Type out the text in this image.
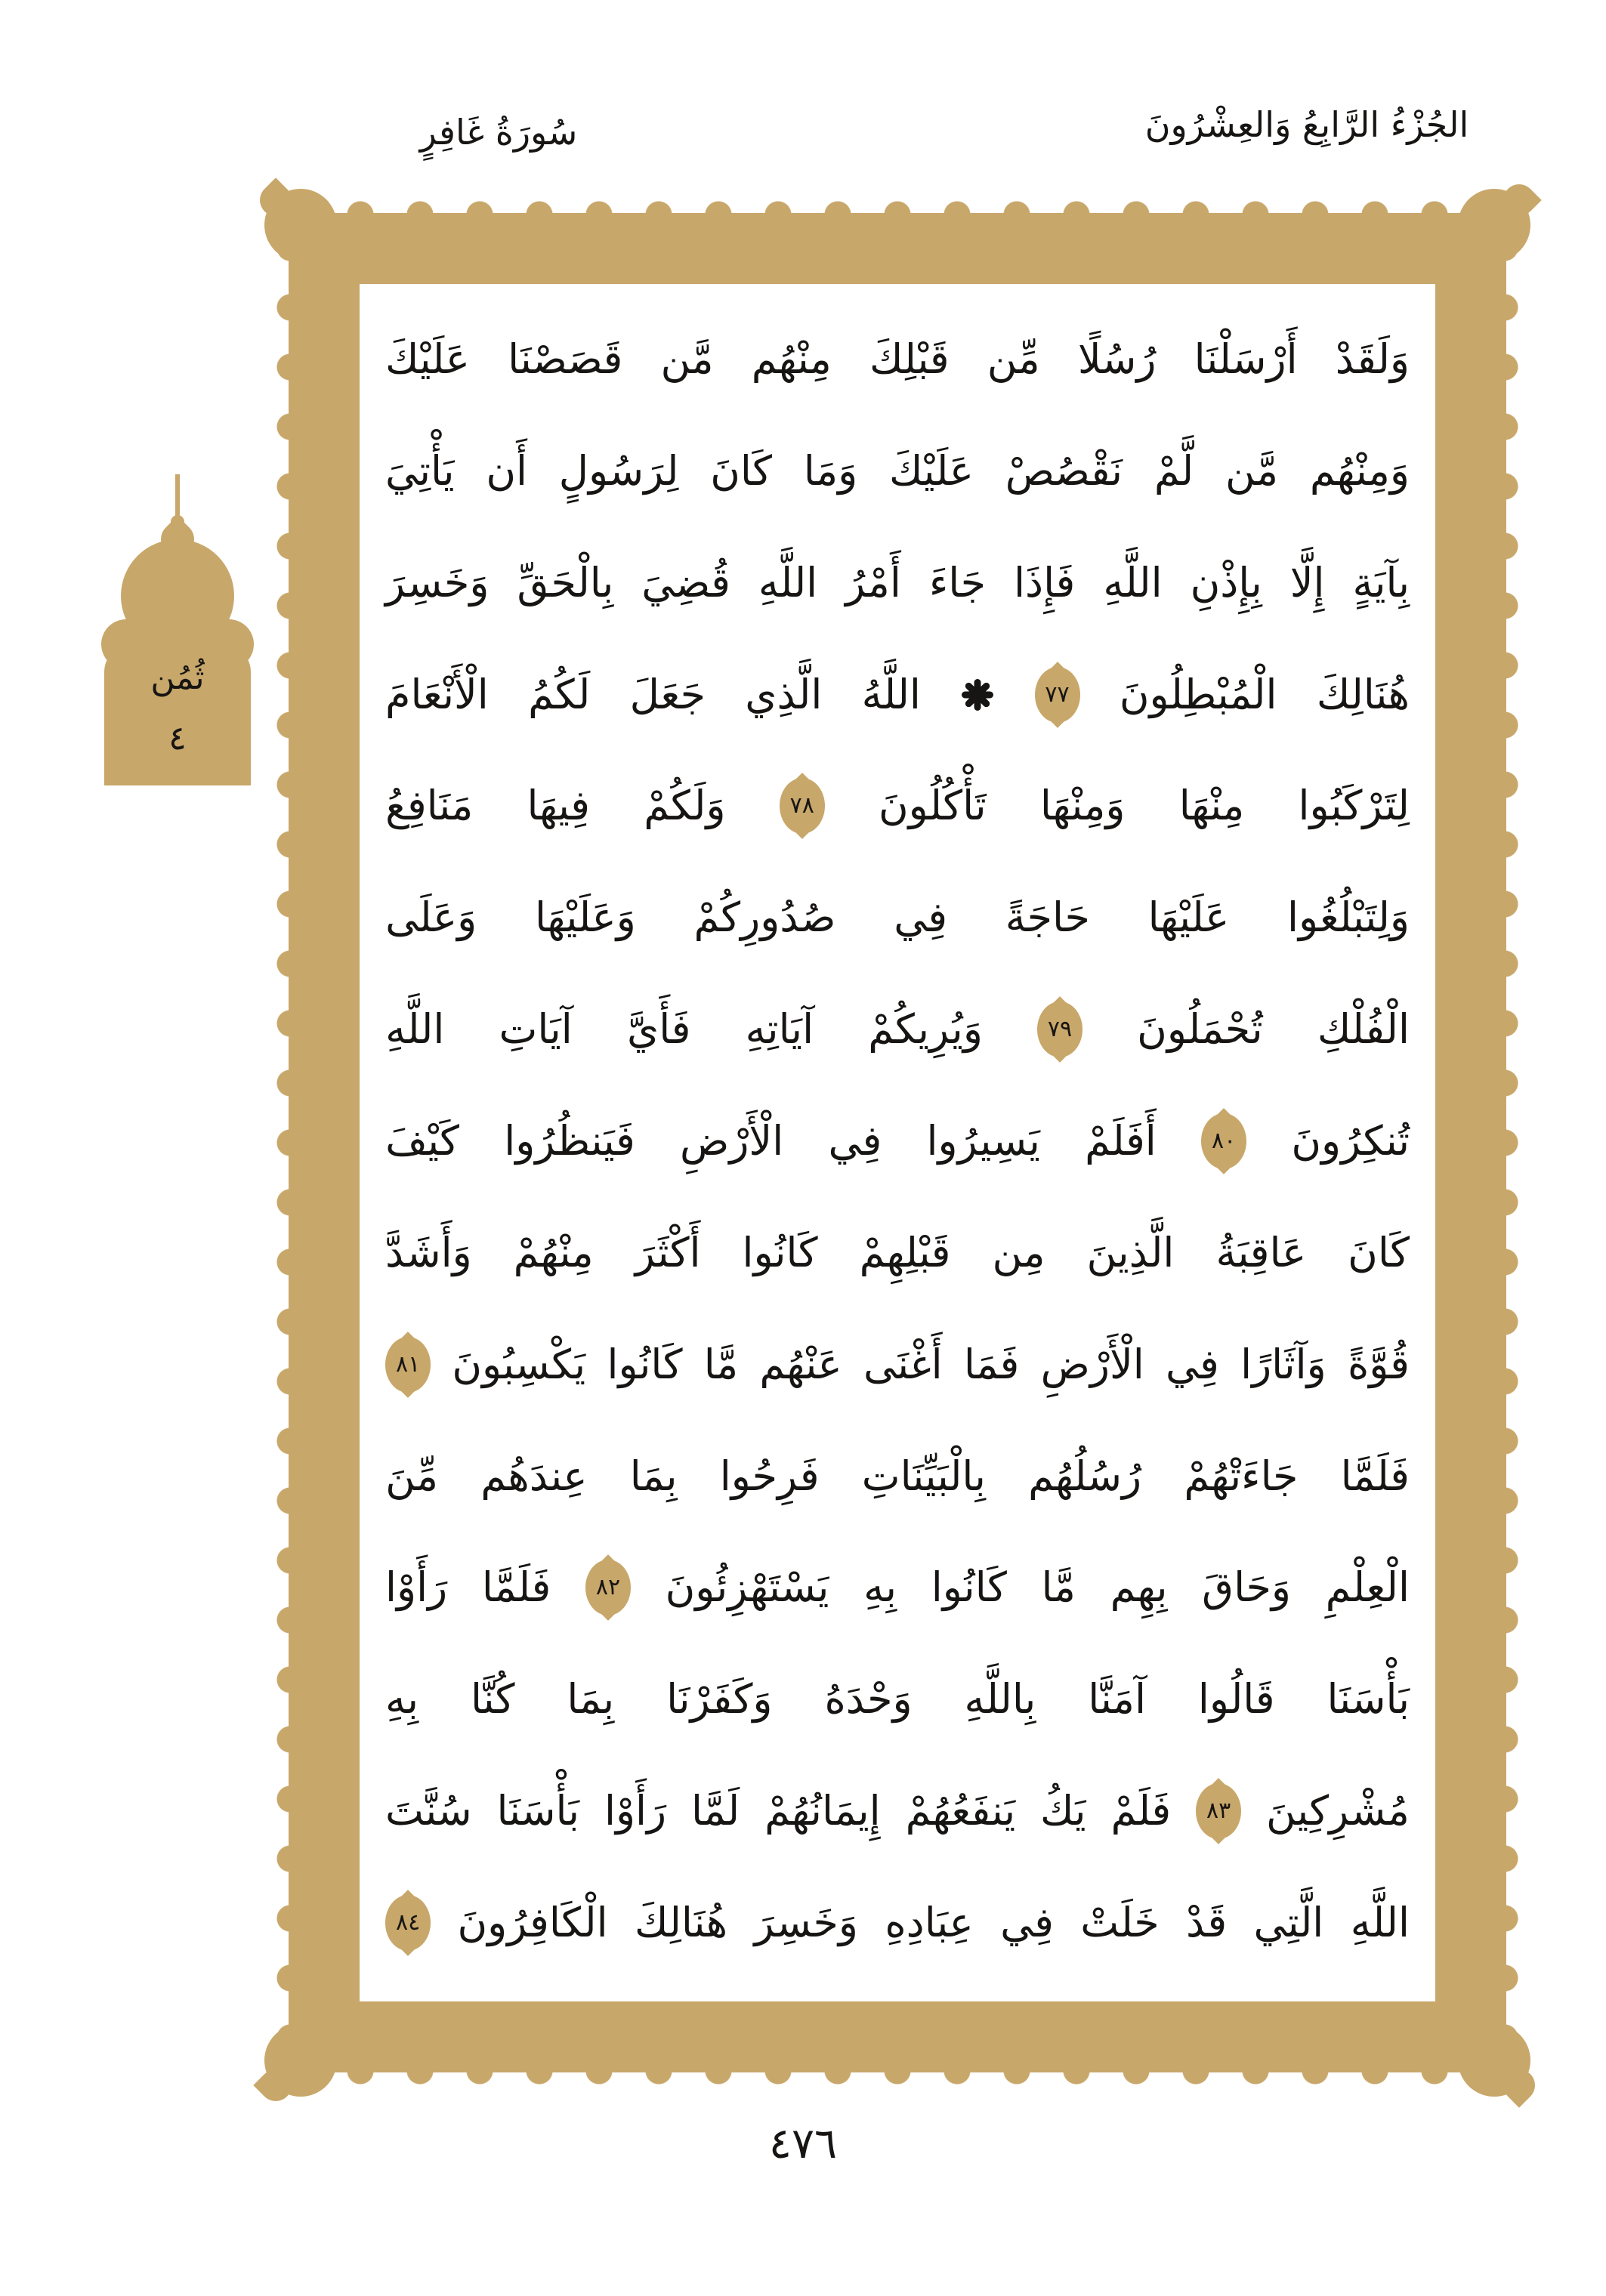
سُورَةُ غَافِرٍ	الجُزْءُ الرَّابِعُ وَالعِشْرُونَ
ثُمُن
٤
وَلَقَدْ
أَرْسَلْنَا
رُسُلًا
مِّن
قَبْلِكَ
مِنْهُم
مَّن
قَصَصْنَا
عَلَيْكَ
وَمِنْهُم
مَّن
لَّمْ
نَقْصُصْ
عَلَيْكَ
وَمَا
كَانَ
لِرَسُولٍ
أَن
يَأْتِيَ
بِآيَةٍ
إِلَّا
بِإِذْنِ
اللَّهِ
فَإِذَا
جَاءَ
أَمْرُ
اللَّهِ
قُضِيَ
بِالْحَقِّ
وَخَسِرَ
هُنَالِكَ
الْمُبْطِلُونَ
٧٧
اللَّهُ
الَّذِي
جَعَلَ
لَكُمُ
الْأَنْعَامَ
لِتَرْكَبُوا
مِنْهَا
وَمِنْهَا
تَأْكُلُونَ
٧٨
وَلَكُمْ
فِيهَا
مَنَافِعُ
وَلِتَبْلُغُوا
عَلَيْهَا
حَاجَةً
فِي
صُدُورِكُمْ
وَعَلَيْهَا
وَعَلَى
الْفُلْكِ
تُحْمَلُونَ
٧٩
وَيُرِيكُمْ
آيَاتِهِ
فَأَيَّ
آيَاتِ
اللَّهِ
تُنكِرُونَ
٨٠
أَفَلَمْ
يَسِيرُوا
فِي
الْأَرْضِ
فَيَنظُرُوا
كَيْفَ
كَانَ
عَاقِبَةُ
الَّذِينَ
مِن
قَبْلِهِمْ
كَانُوا
أَكْثَرَ
مِنْهُمْ
وَأَشَدَّ
قُوَّةً
وَآثَارًا
فِي
الْأَرْضِ
فَمَا
أَغْنَى
عَنْهُم
مَّا
كَانُوا
يَكْسِبُونَ
٨١
فَلَمَّا
جَاءَتْهُمْ
رُسُلُهُم
بِالْبَيِّنَاتِ
فَرِحُوا
بِمَا
عِندَهُم
مِّنَ
الْعِلْمِ
وَحَاقَ
بِهِم
مَّا
كَانُوا
بِهِ
يَسْتَهْزِئُونَ
٨٢
فَلَمَّا
رَأَوْا
بَأْسَنَا
قَالُوا
آمَنَّا
بِاللَّهِ
وَحْدَهُ
وَكَفَرْنَا
بِمَا
كُنَّا
بِهِ
مُشْرِكِينَ
٨٣
فَلَمْ
يَكُ
يَنفَعُهُمْ
إِيمَانُهُمْ
لَمَّا
رَأَوْا
بَأْسَنَا
سُنَّتَ
اللَّهِ
الَّتِي
قَدْ
خَلَتْ
فِي
عِبَادِهِ
وَخَسِرَ
هُنَالِكَ
الْكَافِرُونَ
٨٤
٤٧٦
